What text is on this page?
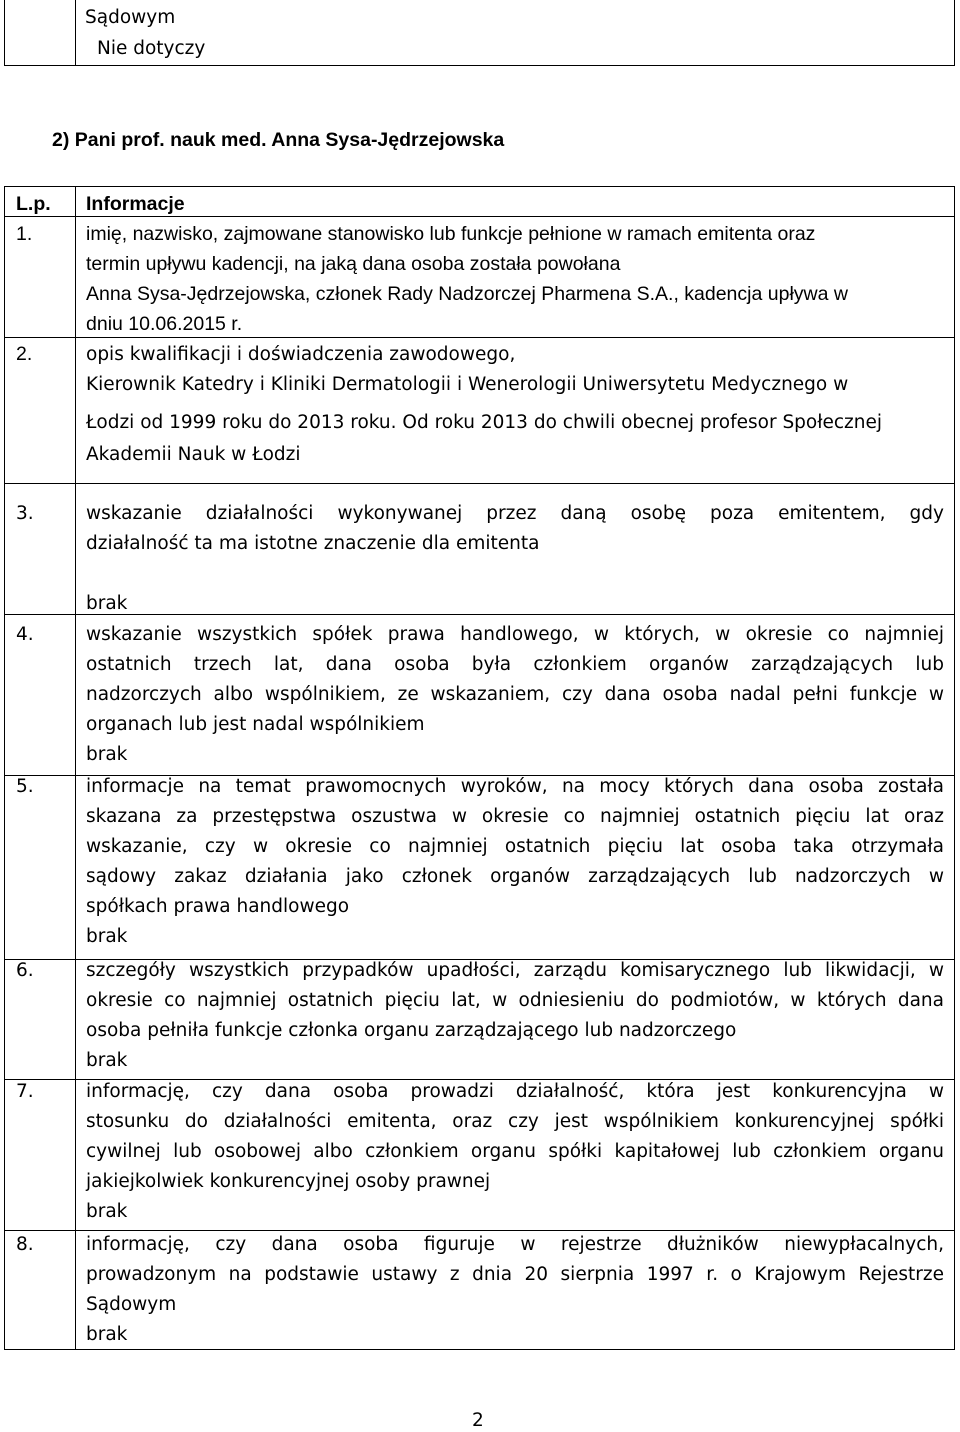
Sądowym
Nie dotyczy
2) Pani prof. nauk med. Anna Sysa-Jędrzejowska
L.p. Informacje
1.	imię, nazwisko, zajmowane stanowisko lub funkcje pełnione w ramach emitenta oraz
termin upływu kadencji, na jaką dana osoba została powołana
Anna Sysa-Jędrzejowska, członek Rady Nadzorczej Pharmena S.A., kadencja upływa w
dniu 10.06.2015 r.
2.	opis kwalifikacji i doświadczenia zawodowego,
Kierownik Katedry i Kliniki Dermatologii i Wenerologii Uniwersytetu Medycznego w
Łodzi od 1999 roku do 2013 roku. Od roku 2013 do chwili obecnej profesor Społecznej
Akademii Nauk w Łodzi
3.	wskazanie działalności wykonywanej przez daną osobę poza emitentem, gdy
działalność ta ma istotne znaczenie dla emitenta
brak
4.	wskazanie wszystkich spółek prawa handlowego, w których, w okresie co najmniej
ostatnich trzech lat, dana osoba była członkiem organów zarządzających lub
nadzorczych albo wspólnikiem, ze wskazaniem, czy dana osoba nadal pełni funkcje w
organach lub jest nadal wspólnikiem
brak
5.	informacje na temat prawomocnych wyroków, na mocy których dana osoba została
skazana za przestępstwa oszustwa w okresie co najmniej ostatnich pięciu lat oraz
wskazanie, czy w okresie co najmniej ostatnich pięciu lat osoba taka otrzymała
sądowy zakaz działania jako członek organów zarządzających lub nadzorczych w
spółkach prawa handlowego
brak
6.	szczegóły wszystkich przypadków upadłości, zarządu komisarycznego lub likwidacji, w
okresie co najmniej ostatnich pięciu lat, w odniesieniu do podmiotów, w których dana
osoba pełniła funkcje członka organu zarządzającego lub nadzorczego
brak
7.	informację, czy dana osoba prowadzi działalność, która jest konkurencyjna w
stosunku do działalności emitenta, oraz czy jest wspólnikiem konkurencyjnej spółki
cywilnej lub osobowej albo członkiem organu spółki kapitałowej lub członkiem organu
jakiejkolwiek konkurencyjnej osoby prawnej
brak
8.	informację, czy dana osoba figuruje w rejestrze dłużników niewypłacalnych,
prowadzonym na podstawie ustawy z dnia 20 sierpnia 1997 r. o Krajowym Rejestrze
Sądowym
brak
2
